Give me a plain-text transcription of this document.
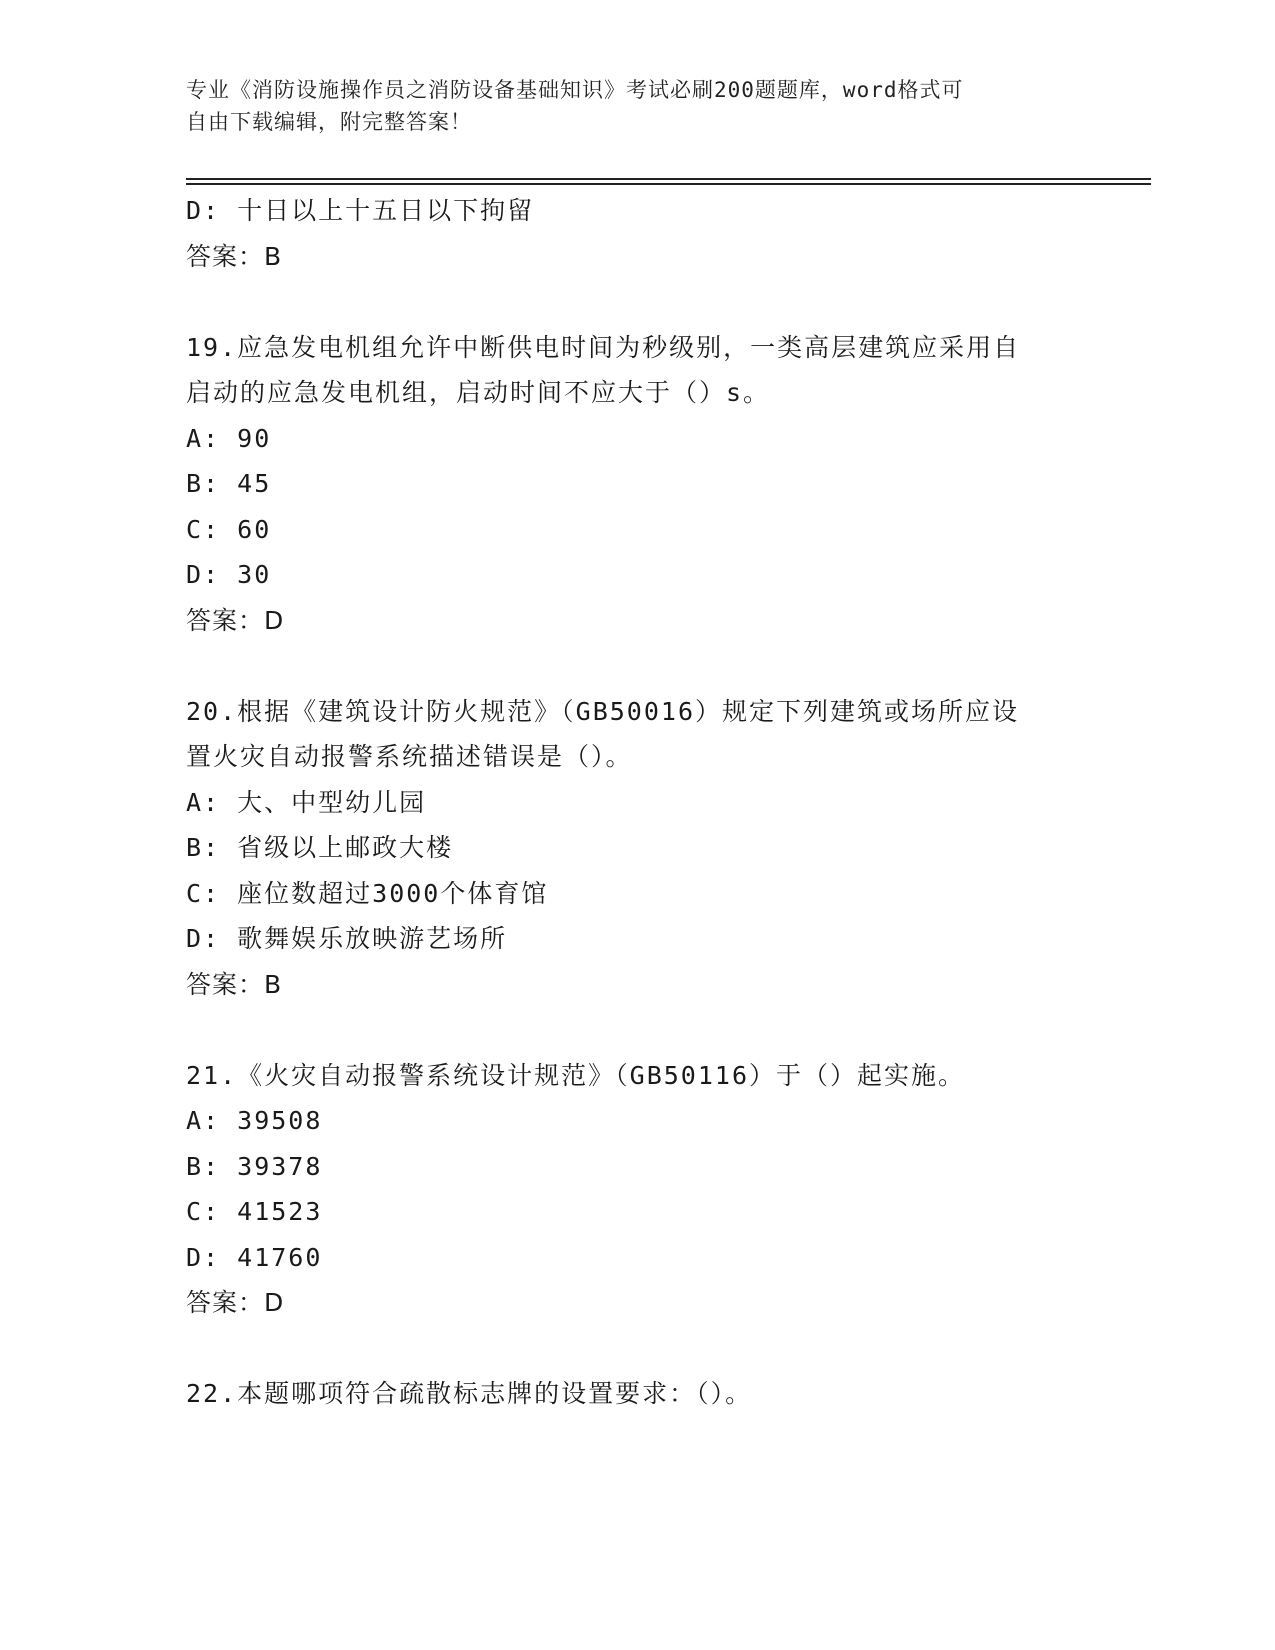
专业《消防设施操作员之消防设备基础知识》考试必刷200题题库，word格式可
自由下载编辑，附完整答案！
D: 十日以上十五日以下拘留
答案：B
19.应急发电机组允许中断供电时间为秒级别，一类高层建筑应采用自
启动的应急发电机组，启动时间不应大于（）s。
A: 90
B: 45
C: 60
D: 30
答案：D
20.根据《建筑设计防火规范》（GB50016）规定下列建筑或场所应设
置火灾自动报警系统描述错误是（）。
A: 大、中型幼儿园
B: 省级以上邮政大楼
C: 座位数超过3000个体育馆
D: 歌舞娱乐放映游艺场所
答案：B
21.《火灾自动报警系统设计规范》（GB50116）于（）起实施。
A: 39508
B: 39378
C: 41523
D: 41760
答案：D
22.本题哪项符合疏散标志牌的设置要求：（）。
